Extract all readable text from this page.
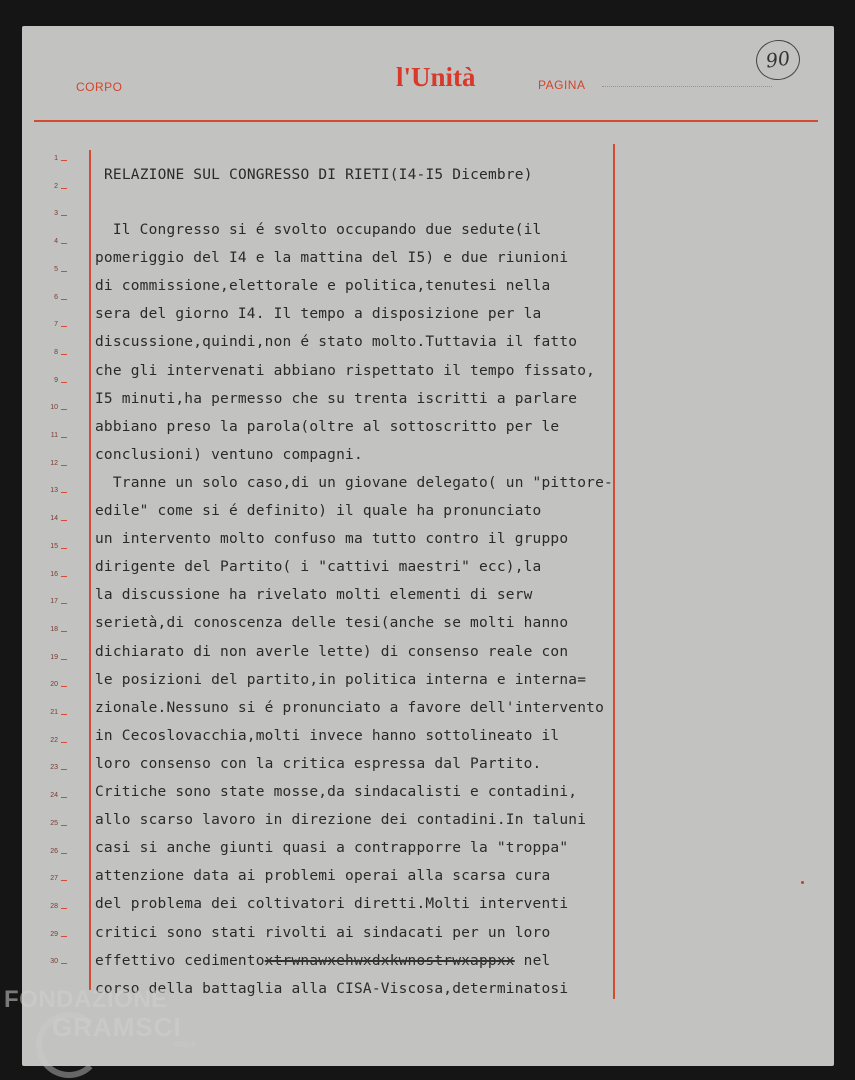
CORPO	l'Unità	PAGINA
90
1
2
3
4
5
6
7
8
9
10
11
12
13
14
15
16
17
18
19
20
21
22
23
24
25
26
27
28
29
30
RELAZIONE SUL CONGRESSO DI RIETI(I4-I5 Dicembre)
Il Congresso si é svolto occupando due sedute(il
pomeriggio del I4 e la mattina del I5) e due riunioni
di commissione,elettorale e politica,tenutesi nella
sera del giorno I4. Il tempo a disposizione per la
discussione,quindi,non é stato molto.Tuttavia il fatto
che gli intervenati abbiano rispettato il tempo fissato,
I5 minuti,ha permesso che su trenta iscritti a parlare
abbiano preso la parola(oltre al sottoscritto per le
conclusioni) ventuno compagni.
Tranne un solo caso,di un giovane delegato( un "pittore-
edile" come si é definito) il quale ha pronunciato
un intervento molto confuso ma tutto contro il gruppo
dirigente del Partito( i "cattivi maestri" ecc),la
la discussione ha rivelato molti elementi di serw
serietà,di conoscenza delle tesi(anche se molti hanno
dichiarato di non averle lette) di consenso reale con
le posizioni del partito,in politica interna e interna=
zionale.Nessuno si é pronunciato a favore dell'intervento
in Cecoslovacchia,molti invece hanno sottolineato il
loro consenso con la critica espressa dal Partito.
Critiche sono state mosse,da sindacalisti e contadini,
allo scarso lavoro in direzione dei contadini.In taluni
casi si anche giunti quasi a contrapporre la "troppa"
attenzione data ai problemi operai alla scarsa cura
del problema dei coltivatori diretti.Molti interventi
critici sono stati rivolti ai sindacati per un loro
effettivo cedimentoxtrwnawxehwxdxkwnostrwxappxx nel
corso della battaglia alla CISA-Viscosa,determinatosi
FONDAZIONE
GRAMSCI
onlus
